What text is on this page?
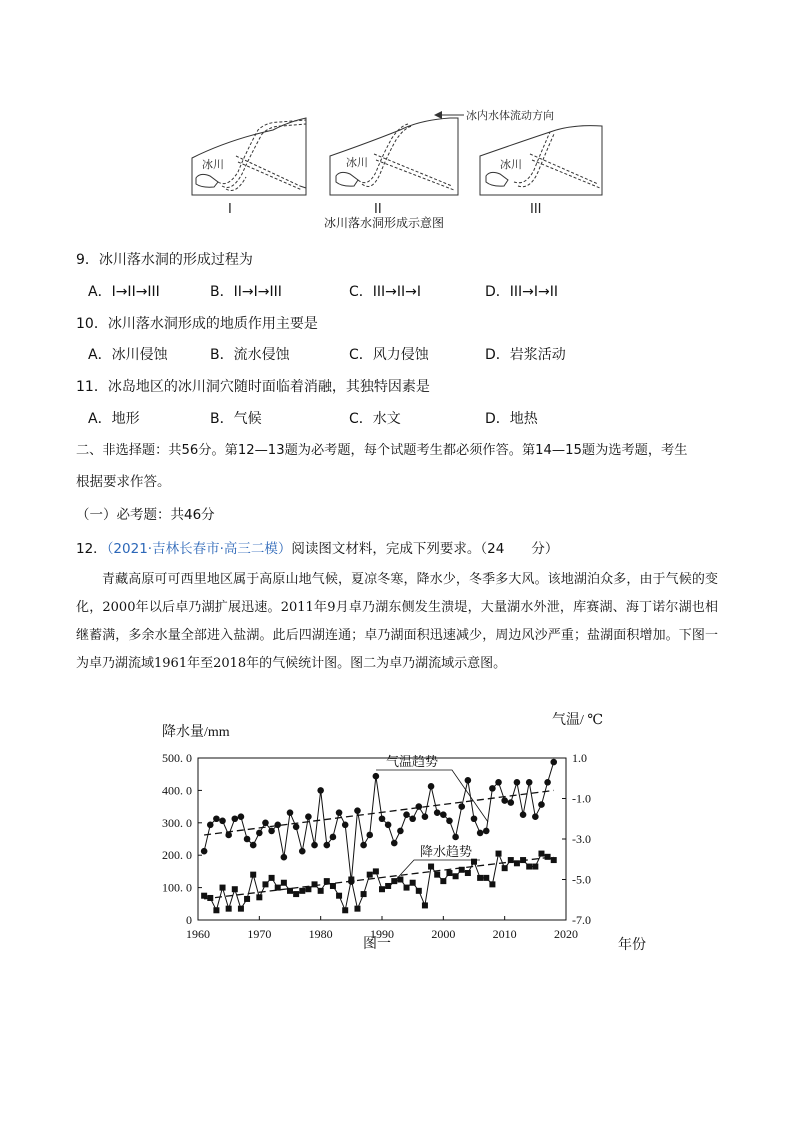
冰川
I
冰川
II
冰内水体流动方向
冰川
III
冰川落水洞形成示意图
9．冰川落水洞的形成过程为
A．I→II→III	B．II→I→III	C．III→II→I	D．III→I→II
10．冰川落水洞形成的地质作用主要是
A．冰川侵蚀	B．流水侵蚀	C．风力侵蚀	D．岩浆活动
11．冰岛地区的冰川洞穴随时面临着消融，其独特因素是
A．地形	B．气候	C．水文	D．地热
二、非选择题：共56分。第12—13题为必考题，每个试题考生都必须作答。第14—15题为选考题，考生
根据要求作答。
（一）必考题：共46分
12．（2021·吉林长春市·高三二模）阅读图文材料，完成下列要求。（24　　分）
青藏高原可可西里地区属于高原山地气候，夏凉冬寒，降水少，冬季多大风。该地湖泊众多，由于气候的变化，2000年以后卓乃湖扩展迅速。2011年9月卓乃湖东侧发生溃堤，大量湖水外泄，库赛湖、海丁诺尔湖也相继蓄满，多余水量全部进入盐湖。此后四湖连通；卓乃湖面积迅速减少，周边风沙严重；盐湖面积增加。下图一为卓乃湖流域1961年至2018年的气候统计图。图二为卓乃湖流域示意图。
降水量/mm
气温/ ℃
年份
图一
1960	1970	1980	1990	2000	2010	2020
0
100. 0
200. 0
300. 0
400. 0
500. 0
-7.0
-5.0
-3.0
-1.0
1.0
气温趋势
降水趋势
